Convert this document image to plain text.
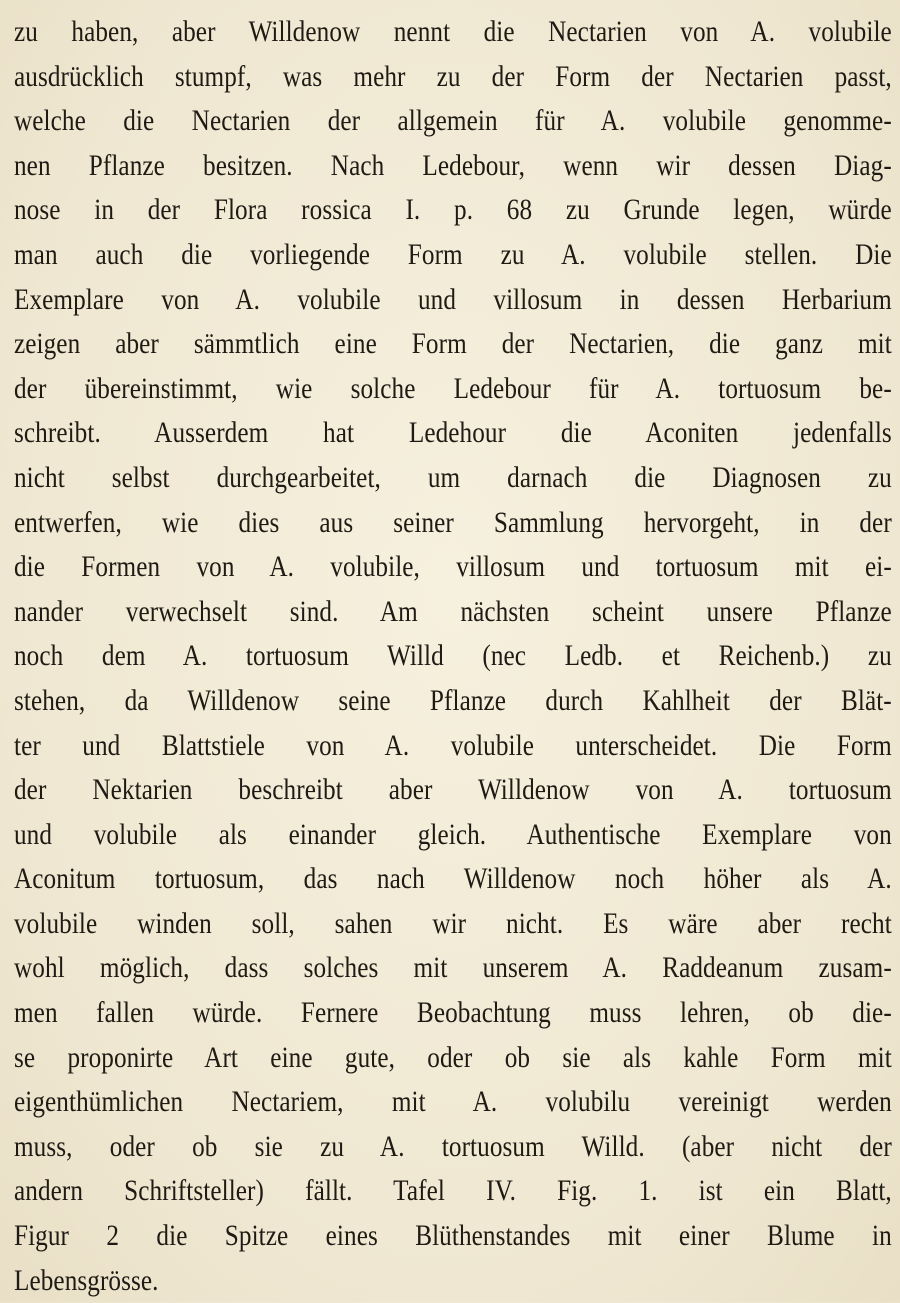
zu haben, aber Willdenow nennt die Nectarien von A. volubile
ausdrücklich stumpf, was mehr zu der Form der Nectarien passt,
welche die Nectarien der allgemein für A. volubile genomme-
nen Pflanze besitzen. Nach Ledebour, wenn wir dessen Diag-
nose in der Flora rossica I. p. 68 zu Grunde legen, würde
man auch die vorliegende Form zu A. volubile stellen. Die
Exemplare von A. volubile und villosum in dessen Herbarium
zeigen aber sämmtlich eine Form der Nectarien, die ganz mit
der übereinstimmt, wie solche Ledebour für A. tortuosum be-
schreibt. Ausserdem hat Ledehour die Aconiten jedenfalls
nicht selbst durchgearbeitet, um darnach die Diagnosen zu
entwerfen, wie dies aus seiner Sammlung hervorgeht, in der
die Formen von A. volubile, villosum und tortuosum mit ei-
nander verwechselt sind. Am nächsten scheint unsere Pflanze
noch dem A. tortuosum Willd (nec Ledb. et Reichenb.) zu
stehen, da Willdenow seine Pflanze durch Kahlheit der Blät-
ter und Blattstiele von A. volubile unterscheidet. Die Form
der Nektarien beschreibt aber Willdenow von A. tortuosum
und volubile als einander gleich. Authentische Exemplare von
Aconitum tortuosum, das nach Willdenow noch höher als A.
volubile winden soll, sahen wir nicht. Es wäre aber recht
wohl möglich, dass solches mit unserem A. Raddeanum zusam-
men fallen würde. Fernere Beobachtung muss lehren, ob die-
se proponirte Art eine gute, oder ob sie als kahle Form mit
eigenthümlichen Nectariem, mit A. volubilu vereinigt werden
muss, oder ob sie zu A. tortuosum Willd. (aber nicht der
andern Schriftsteller) fällt. Tafel IV. Fig. 1. ist ein Blatt,
Figur 2 die Spitze eines Blüthenstandes mit einer Blume in
Lebensgrösse.
